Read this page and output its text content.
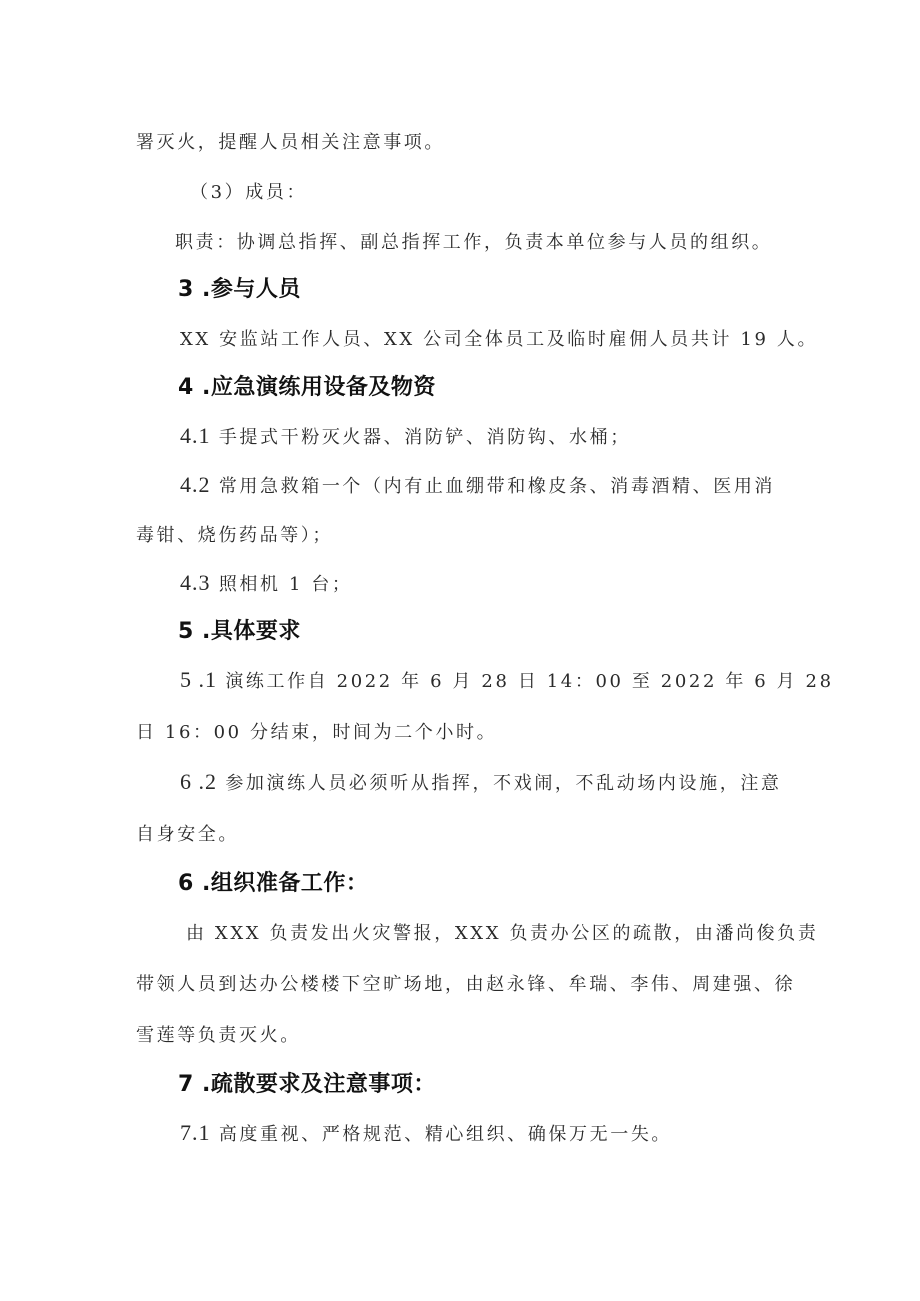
署灭火，提醒人员相关注意事项。
（3）成员：
职责：协调总指挥、副总指挥工作，负责本单位参与人员的组织。
3 .参与人员
XX 安监站工作人员、XX 公司全体员工及临时雇佣人员共计 19 人。
4 .应急演练用设备及物资
4.1 手提式干粉灭火器、消防铲、消防钩、水桶；
4.2 常用急救箱一个（内有止血绷带和橡皮条、消毒酒精、医用消
毒钳、烧伤药品等）；
4.3 照相机 1 台；
5 .具体要求
5 .1 演练工作自 2022 年 6 月 28 日 14：00 至 2022 年 6 月 28
日 16：00 分结束，时间为二个小时。
6 .2 参加演练人员必须听从指挥，不戏闹，不乱动场内设施，注意
自身安全。
6 .组织准备工作：
由 XXX 负责发出火灾警报，XXX 负责办公区的疏散，由潘尚俊负责
带领人员到达办公楼楼下空旷场地，由赵永锋、牟瑞、李伟、周建强、徐
雪莲等负责灭火。
7 .疏散要求及注意事项：
7.1 高度重视、严格规范、精心组织、确保万无一失。
